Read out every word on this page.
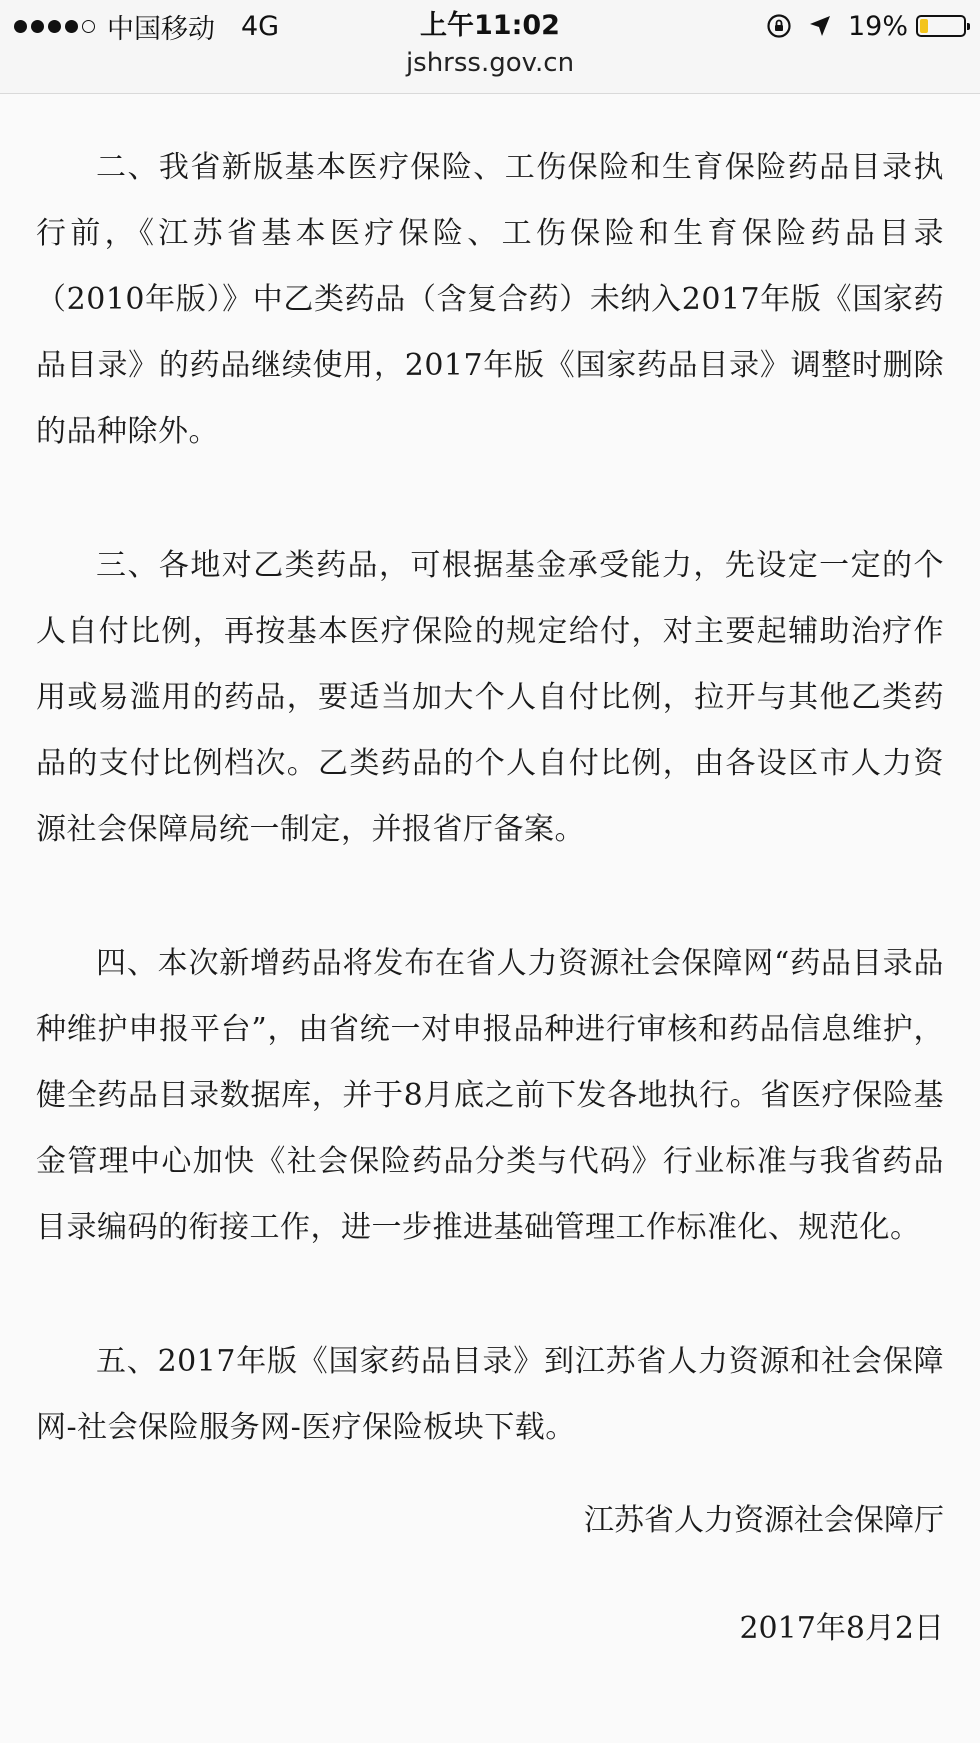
中国移动 4G	上午11:02	19%
jshrss.gov.cn

二、我省新版基本医疗保险、工伤保险和生育保险药品目录执行前，《江苏省基本医疗保险、工伤保险和生育保险药品目录（2010年版）》中乙类药品（含复合药）未纳入2017年版《国家药品目录》的药品继续使用，2017年版《国家药品目录》调整时删除的品种除外。

三、各地对乙类药品，可根据基金承受能力，先设定一定的个人自付比例，再按基本医疗保险的规定给付，对主要起辅助治疗作用或易滥用的药品，要适当加大个人自付比例，拉开与其他乙类药品的支付比例档次。乙类药品的个人自付比例，由各设区市人力资源社会保障局统一制定，并报省厅备案。

四、本次新增药品将发布在省人力资源社会保障网“药品目录品种维护申报平台”，由省统一对申报品种进行审核和药品信息维护，健全药品目录数据库，并于8月底之前下发各地执行。省医疗保险基金管理中心加快《社会保险药品分类与代码》行业标准与我省药品目录编码的衔接工作，进一步推进基础管理工作标准化、规范化。

五、2017年版《国家药品目录》到江苏省人力资源和社会保障网-社会保险服务网-医疗保险板块下载。

江苏省人力资源社会保障厅

2017年8月2日
